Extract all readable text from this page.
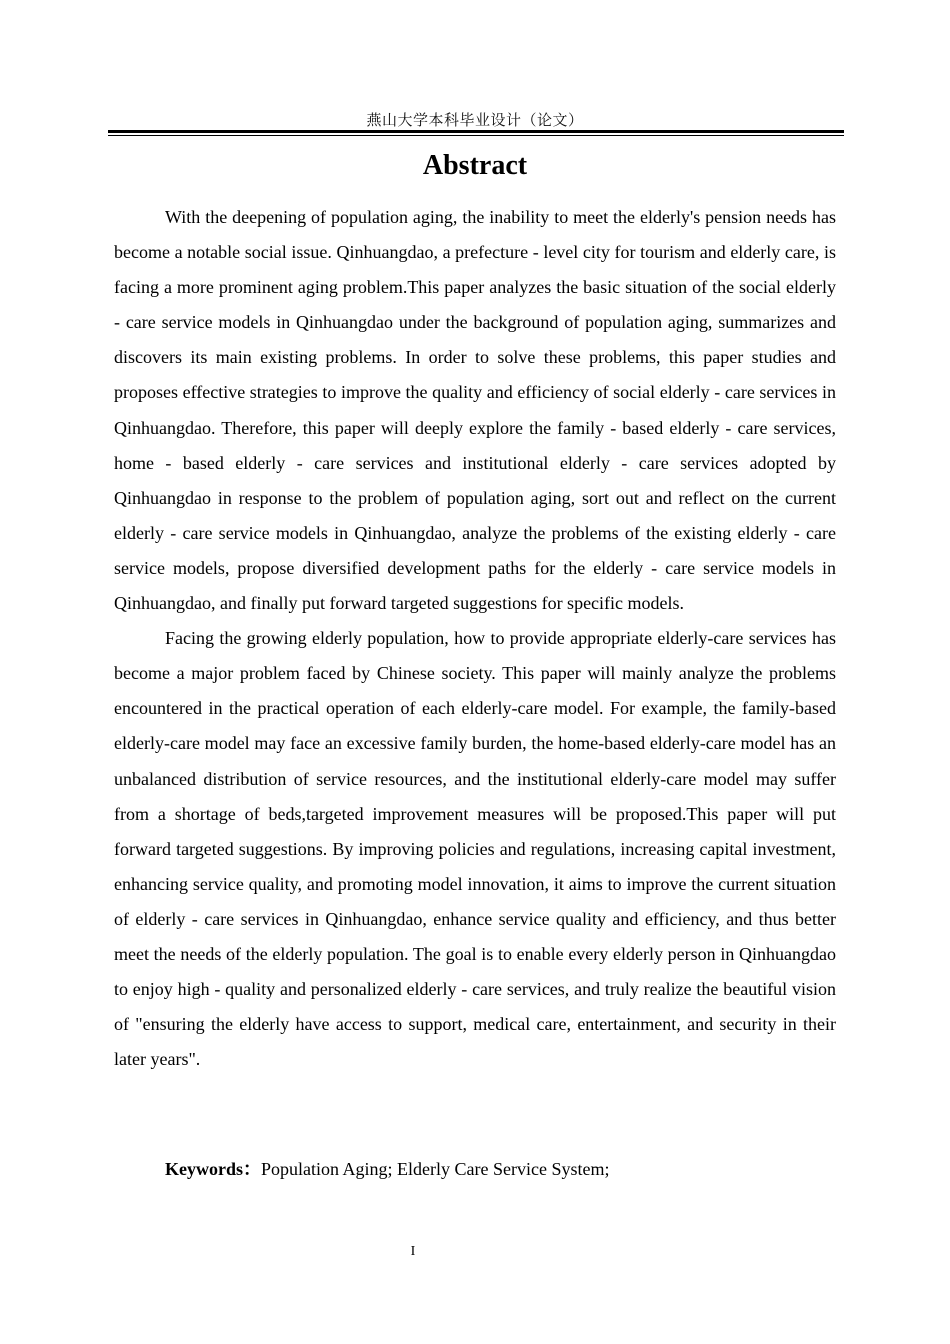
燕山大学本科毕业设计（论文）
Abstract

With the deepening of population aging, the inability to meet the elderly's pension needs has become a notable social issue. Qinhuangdao, a prefecture - level city for tourism and elderly care, is facing a more prominent aging problem.This paper analyzes the basic situation of the social elderly - care service models in Qinhuangdao under the background of population aging, summarizes and discovers its main existing problems. In order to solve these problems, this paper studies and proposes effective strategies to improve the quality and efficiency of social elderly - care services in Qinhuangdao. Therefore, this paper will deeply explore the family - based elderly - care services, home - based elderly - care services and institutional elderly - care services adopted by Qinhuangdao in response to the problem of population aging, sort out and reflect on the current elderly - care service models in Qinhuangdao, analyze the problems of the existing elderly - care service models, propose diversified development paths for the elderly - care service models in Qinhuangdao, and finally put forward targeted suggestions for specific models.

Facing the growing elderly population, how to provide appropriate elderly-care services has become a major problem faced by Chinese society. This paper will mainly analyze the problems encountered in the practical operation of each elderly-care model. For example, the family-based elderly-care model may face an excessive family burden, the home-based elderly-care model has an unbalanced distribution of service resources, and the institutional elderly-care model may suffer from a shortage of beds,targeted improvement measures will be proposed.This paper will put forward targeted suggestions. By improving policies and regulations, increasing capital investment, enhancing service quality, and promoting model innovation, it aims to improve the current situation of elderly - care services in Qinhuangdao, enhance service quality and efficiency, and thus better meet the needs of the elderly population. The goal is to enable every elderly person in Qinhuangdao to enjoy high - quality and personalized elderly - care services, and truly realize the beautiful vision of "ensuring the elderly have access to support, medical care, entertainment, and security in their later years".

Keywords：Population Aging; Elderly Care Service System;
I
